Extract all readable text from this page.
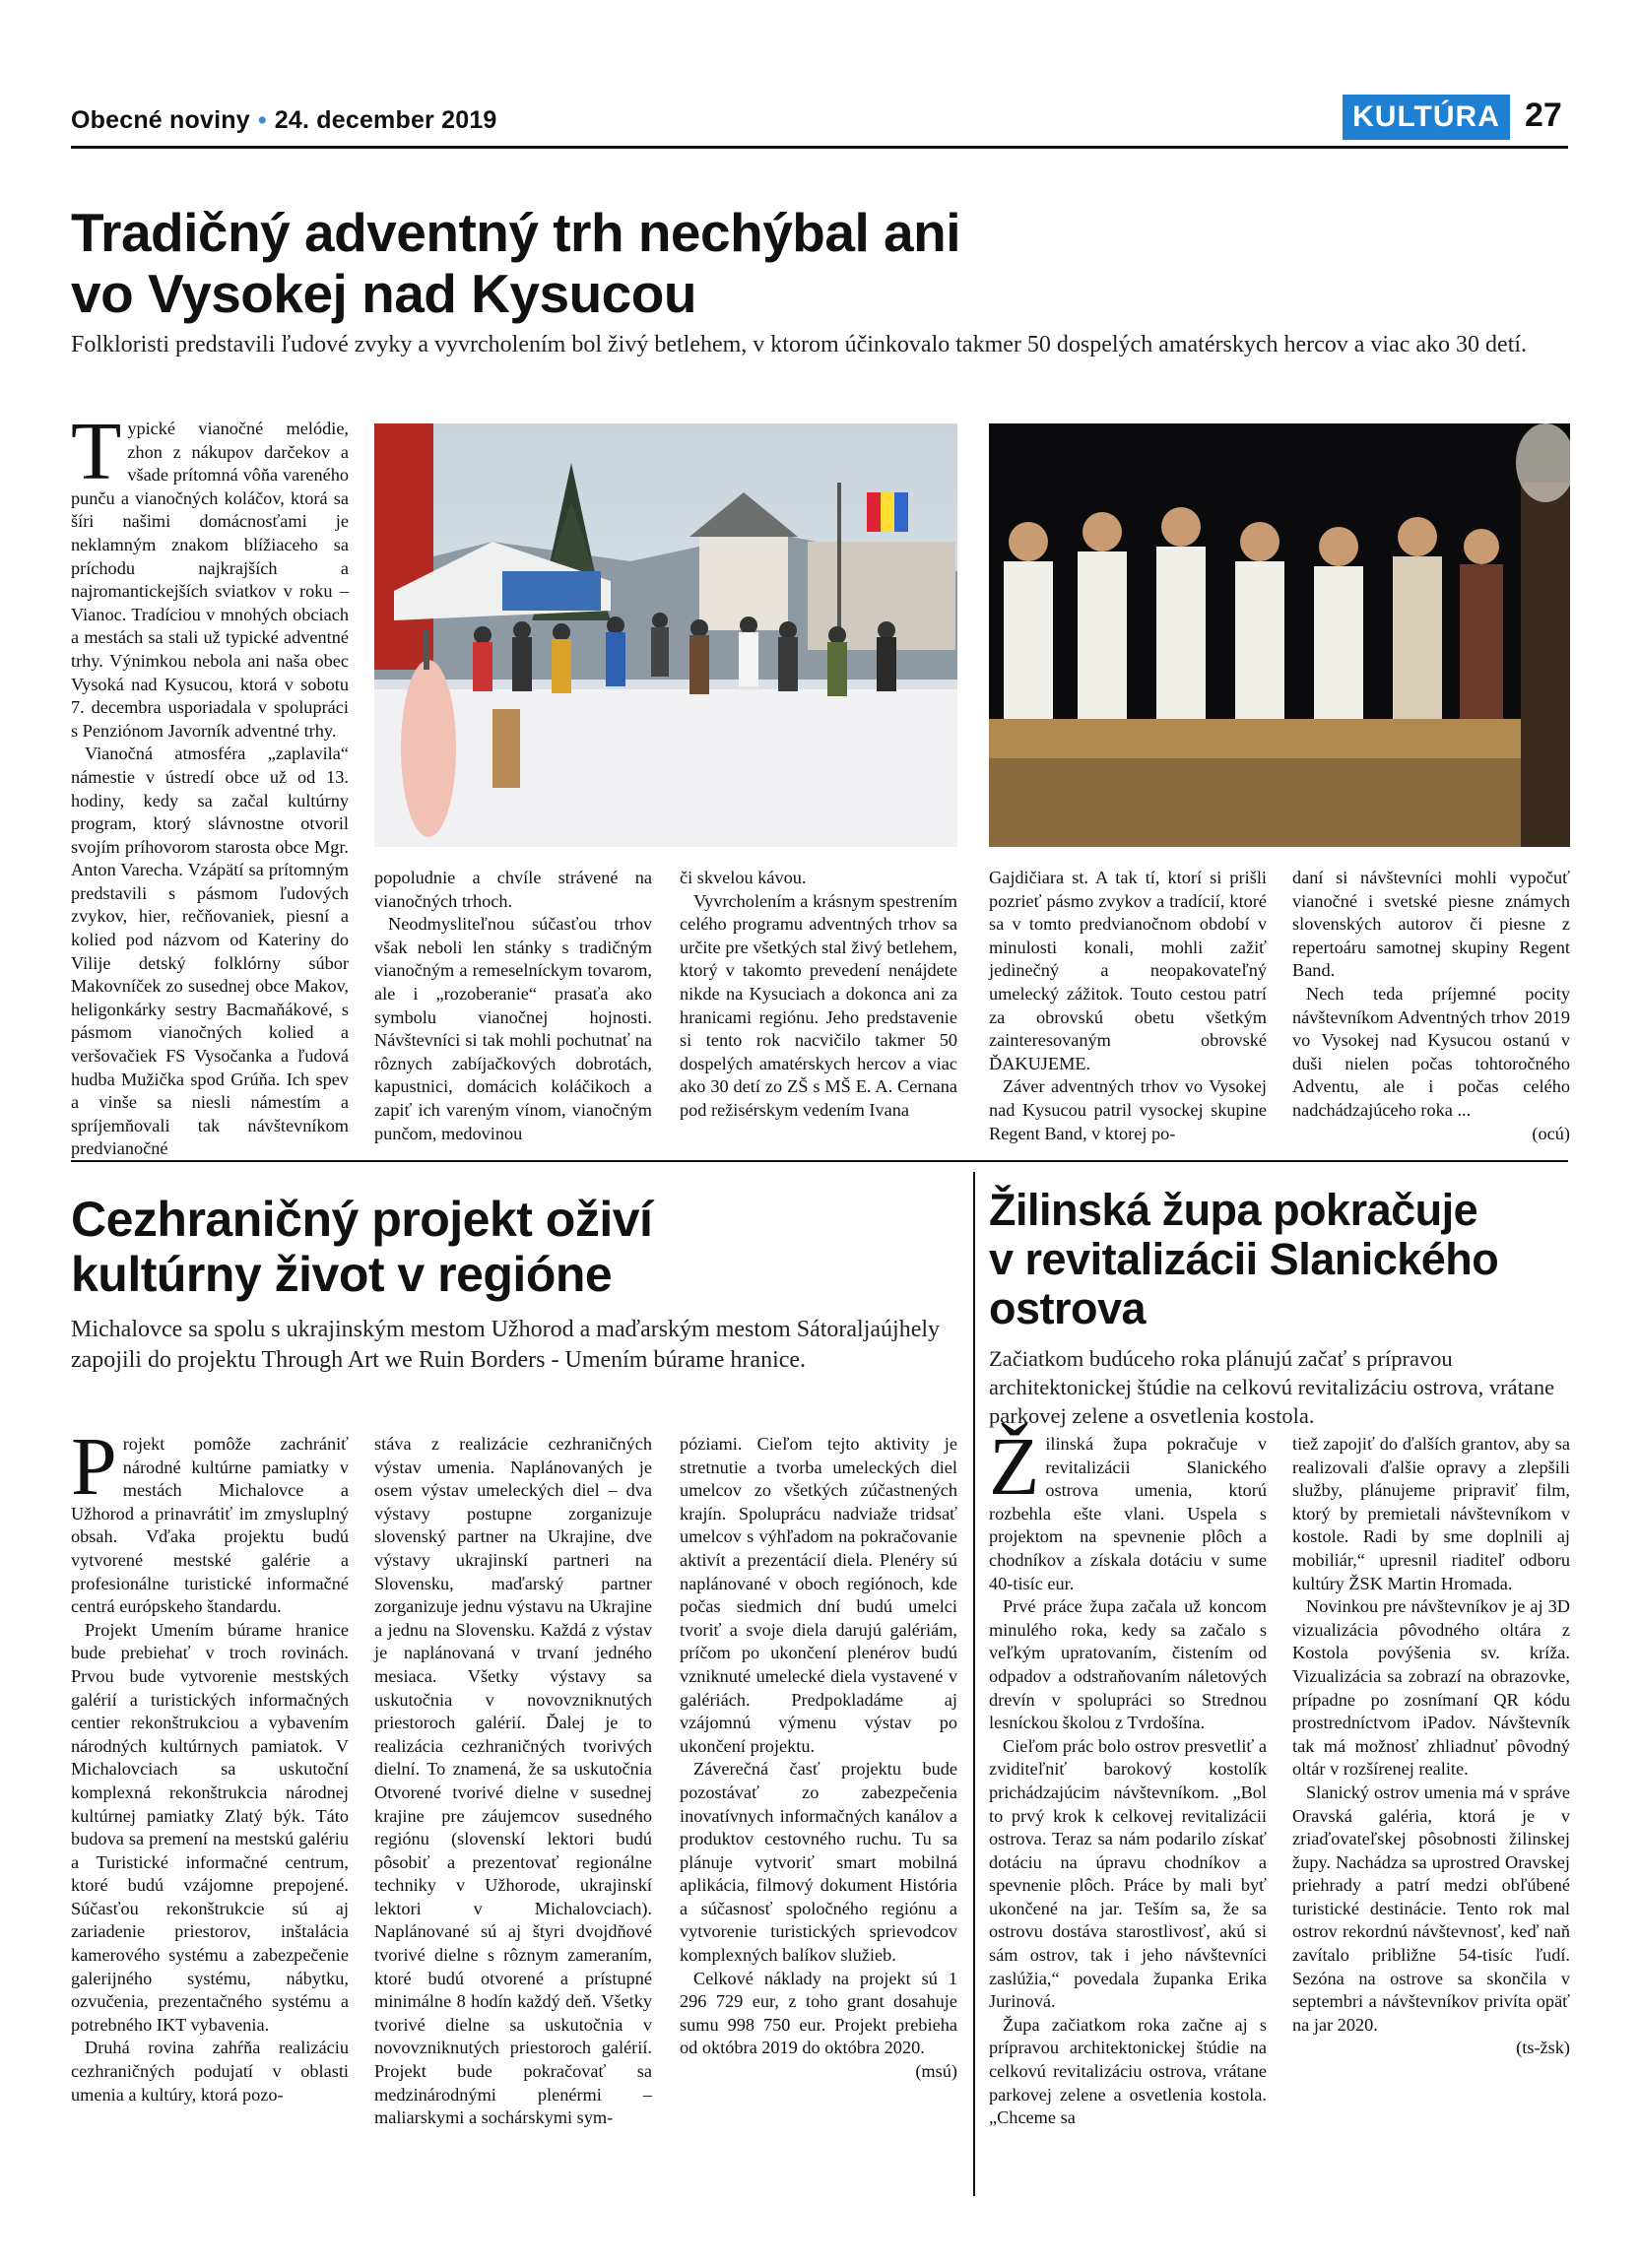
Obecné noviny • 24. december 2019	KULTÚRA 27
Tradičný adventný trh nechýbal ani
vo Vysokej nad Kysucou
Folkloristi predstavili ľudové zvyky a vyvrcholením bol živý betlehem, v ktorom účinkovalo takmer 50 dospelých amatérskych hercov a viac ako 30 detí.

Typické vianočné melódie, zhon z nákupov darčekov a všade prítomná vôňa vareného punču a vianočných koláčov, ktorá sa šíri našimi domácnosťami je neklamným znakom blížiaceho sa príchodu najkrajších a najromantickejších sviatkov v roku – Vianoc. Tradíciou v mnohých obciach a mestách sa stali už typické adventné trhy. Výnimkou nebola ani naša obec Vysoká nad Kysucou, ktorá v sobotu 7. decembra usporiadala v spolupráci s Penziónom Javorník adventné trhy.

Vianočná atmosféra „zaplavila“ námestie v ústredí obce už od 13. hodiny, kedy sa začal kultúrny program, ktorý slávnostne otvoril svojím príhovorom starosta obce Mgr. Anton Varecha. Vzápätí sa prítomným predstavili s pásmom ľudových zvykov, hier, rečňovaniek, piesní a kolied pod názvom od Kateriny do Vilije detský folklórny súbor Makovníček zo susednej obce Makov, heligonkárky sestry Bacmaňákové, s pásmom vianočných kolied a veršovačiek FS Vysočanka a ľudová hudba Mužička spod Grúňa. Ich spev a vinše sa niesli námestím a spríjemňovali tak návštevníkom predvianočné

popoludnie a chvíle strávené na vianočných trhoch.

Neodmysliteľnou súčasťou trhov však neboli len stánky s tradičným vianočným a remeselníckym tovarom, ale i „rozoberanie“ prasaťa ako symbolu vianočnej hojnosti. Návštevníci si tak mohli pochutnať na rôznych zabíjačkových dobrotách, kapustnici, domácich koláčikoch a zapiť ich vareným vínom, vianočným punčom, medovinou

či skvelou kávou.

Vyvrcholením a krásnym spestrením celého programu adventných trhov sa určite pre všetkých stal živý betlehem, ktorý v takomto prevedení nenájdete nikde na Kysuciach a dokonca ani za hranicami regiónu. Jeho predstavenie si tento rok nacvičilo takmer 50 dospelých amatérskych hercov a viac ako 30 detí zo ZŠ s MŠ E. A. Cernana pod režisérskym vedením Ivana

Gajdičiara st. A tak tí, ktorí si prišli pozrieť pásmo zvykov a tradícií, ktoré sa v tomto predvianočnom období v minulosti konali, mohli zažiť jedinečný a neopakovateľný umelecký zážitok. Touto cestou patrí za obrovskú obetu všetkým zainteresovaným obrovské ĎAKUJEME.

Záver adventných trhov vo Vysokej nad Kysucou patril vysockej skupine Regent Band, v ktorej po-

daní si návštevníci mohli vypočuť vianočné i svetské piesne známych slovenských autorov či piesne z repertoáru samotnej skupiny Regent Band.

Nech teda príjemné pocity návštevníkom Adventných trhov 2019 vo Vysokej nad Kysucou ostanú v duši nielen počas tohtoročného Adventu, ale i počas celého nadchádzajúceho roka ...

(ocú)
Cezhraničný projekt oživí
kultúrny život v regióne
Michalovce sa spolu s ukrajinským mestom Užhorod a maďarským mestom Sátoraljaújhely zapojili do projektu Through Art we Ruin Borders - Umením búrame hranice.

Projekt pomôže zachrániť národné kultúrne pamiatky v mestách Michalovce a Užhorod a prinavrátiť im zmysluplný obsah. Vďaka projektu budú vytvorené mestské galérie a profesionálne turistické informačné centrá európskeho štandardu.

Projekt Umením búrame hranice bude prebiehať v troch rovinách. Prvou bude vytvorenie mestských galérií a turistických informačných centier rekonštrukciou a vybavením národných kultúrnych pamiatok. V Michalovciach sa uskutoční komplexná rekonštrukcia národnej kultúrnej pamiatky Zlatý býk. Táto budova sa premení na mestskú galériu a Turistické informačné centrum, ktoré budú vzájomne prepojené. Súčasťou rekonštrukcie sú aj zariadenie priestorov, inštalácia kamerového systému a zabezpečenie galerijného systému, nábytku, ozvučenia, prezentačného systému a potrebného IKT vybavenia.

Druhá rovina zahŕňa realizáciu cezhraničných podujatí v oblasti umenia a kultúry, ktorá pozo-

stáva z realizácie cezhraničných výstav umenia. Naplánovaných je osem výstav umeleckých diel – dva výstavy postupne zorganizuje slovenský partner na Ukrajine, dve výstavy ukrajinskí partneri na Slovensku, maďarský partner zorganizuje jednu výstavu na Ukrajine a jednu na Slovensku. Každá z výstav je naplánovaná v trvaní jedného mesiaca. Všetky výstavy sa uskutočnia v novovzniknutých priestoroch galérií. Ďalej je to realizácia cezhraničných tvorivých dielní. To znamená, že sa uskutočnia Otvorené tvorivé dielne v susednej krajine pre záujemcov susedného regiónu (slovenskí lektori budú pôsobiť a prezentovať regionálne techniky v Užhorode, ukrajinskí lektori v Michalovciach). Naplánované sú aj štyri dvojdňové tvorivé dielne s rôznym zameraním, ktoré budú otvorené a prístupné minimálne 8 hodín každý deň. Všetky tvorivé dielne sa uskutočnia v novovzniknutých priestoroch galérií. Projekt bude pokračovať sa medzinárodnými plenérmi – maliarskymi a sochárskymi sym-

póziami. Cieľom tejto aktivity je stretnutie a tvorba umeleckých diel umelcov zo všetkých zúčastnených krajín. Spoluprácu nadviaže tridsať umelcov s výhľadom na pokračovanie aktivít a prezentácií diela. Plenéry sú naplánované v oboch regiónoch, kde počas siedmich dní budú umelci tvoriť a svoje diela darujú galériám, príčom po ukončení plenérov budú vzniknuté umelecké diela vystavené v galériách. Predpokladáme aj vzájomnú výmenu výstav po ukončení projektu.

Záverečná časť projektu bude pozostávať zo zabezpečenia inovatívnych informačných kanálov a produktov cestovného ruchu. Tu sa plánuje vytvoriť smart mobilná aplikácia, filmový dokument História a súčasnosť spoločného regiónu a vytvorenie turistických sprievodcov komplexných balíkov služieb.

Celkové náklady na projekt sú 1 296 729 eur, z toho grant dosahuje sumu 998 750 eur. Projekt prebieha od októbra 2019 do októbra 2020.

(msú)
Žilinská župa pokračuje
v revitalizácii Slanického
ostrova
Začiatkom budúceho roka plánujú začať s prípravou architektonickej štúdie na celkovú revitalizáciu ostrova, vrátane parkovej zelene a osvetlenia kostola.

Žilinská župa pokračuje v revitalizácii Slanického ostrova umenia, ktorú rozbehla ešte vlani. Uspela s projektom na spevnenie plôch a chodníkov a získala dotáciu v sume 40-tisíc eur.

Prvé práce župa začala už koncom minulého roka, kedy sa začalo s veľkým upratovaním, čistením od odpadov a odstraňovaním náletových drevín v spolupráci so Strednou lesníckou školou z Tvrdošína.

Cieľom prác bolo ostrov presvetliť a zviditeľniť barokový kostolík prichádzajúcim návštevníkom. „Bol to prvý krok k celkovej revitalizácii ostrova. Teraz sa nám podarilo získať dotáciu na úpravu chodníkov a spevnenie plôch. Práce by mali byť ukončené na jar. Teším sa, že sa ostrovu dostáva starostlivosť, akú si sám ostrov, tak i jeho návštevníci zaslúžia,“ povedala županka Erika Jurinová.

Župa začiatkom roka začne aj s prípravou architektonickej štúdie na celkovú revitalizáciu ostrova, vrátane parkovej zelene a osvetlenia kostola. „Chceme sa

tiež zapojiť do ďalších grantov, aby sa realizovali ďalšie opravy a zlepšili služby, plánujeme pripraviť film, ktorý by premietali návštevníkom v kostole. Radi by sme doplnili aj mobiliár,“ upresnil riaditeľ odboru kultúry ŽSK Martin Hromada.

Novinkou pre návštevníkov je aj 3D vizualizácia pôvodného oltára z Kostola povýšenia sv. kríža. Vizualizácia sa zobrazí na obrazovke, prípadne po zosnímaní QR kódu prostredníctvom iPadov. Návštevník tak má možnosť zhliadnuť pôvodný oltár v rozšírenej realite.

Slanický ostrov umenia má v správe Oravská galéria, ktorá je v zriaďovateľskej pôsobnosti žilinskej župy. Nachádza sa uprostred Oravskej priehrady a patrí medzi obľúbené turistické destinácie. Tento rok mal ostrov rekordnú návštevnosť, keď naň zavítalo približne 54-tisíc ľudí. Sezóna na ostrove sa skončila v septembri a návštevníkov privíta opäť na jar 2020.

(ts-žsk)
